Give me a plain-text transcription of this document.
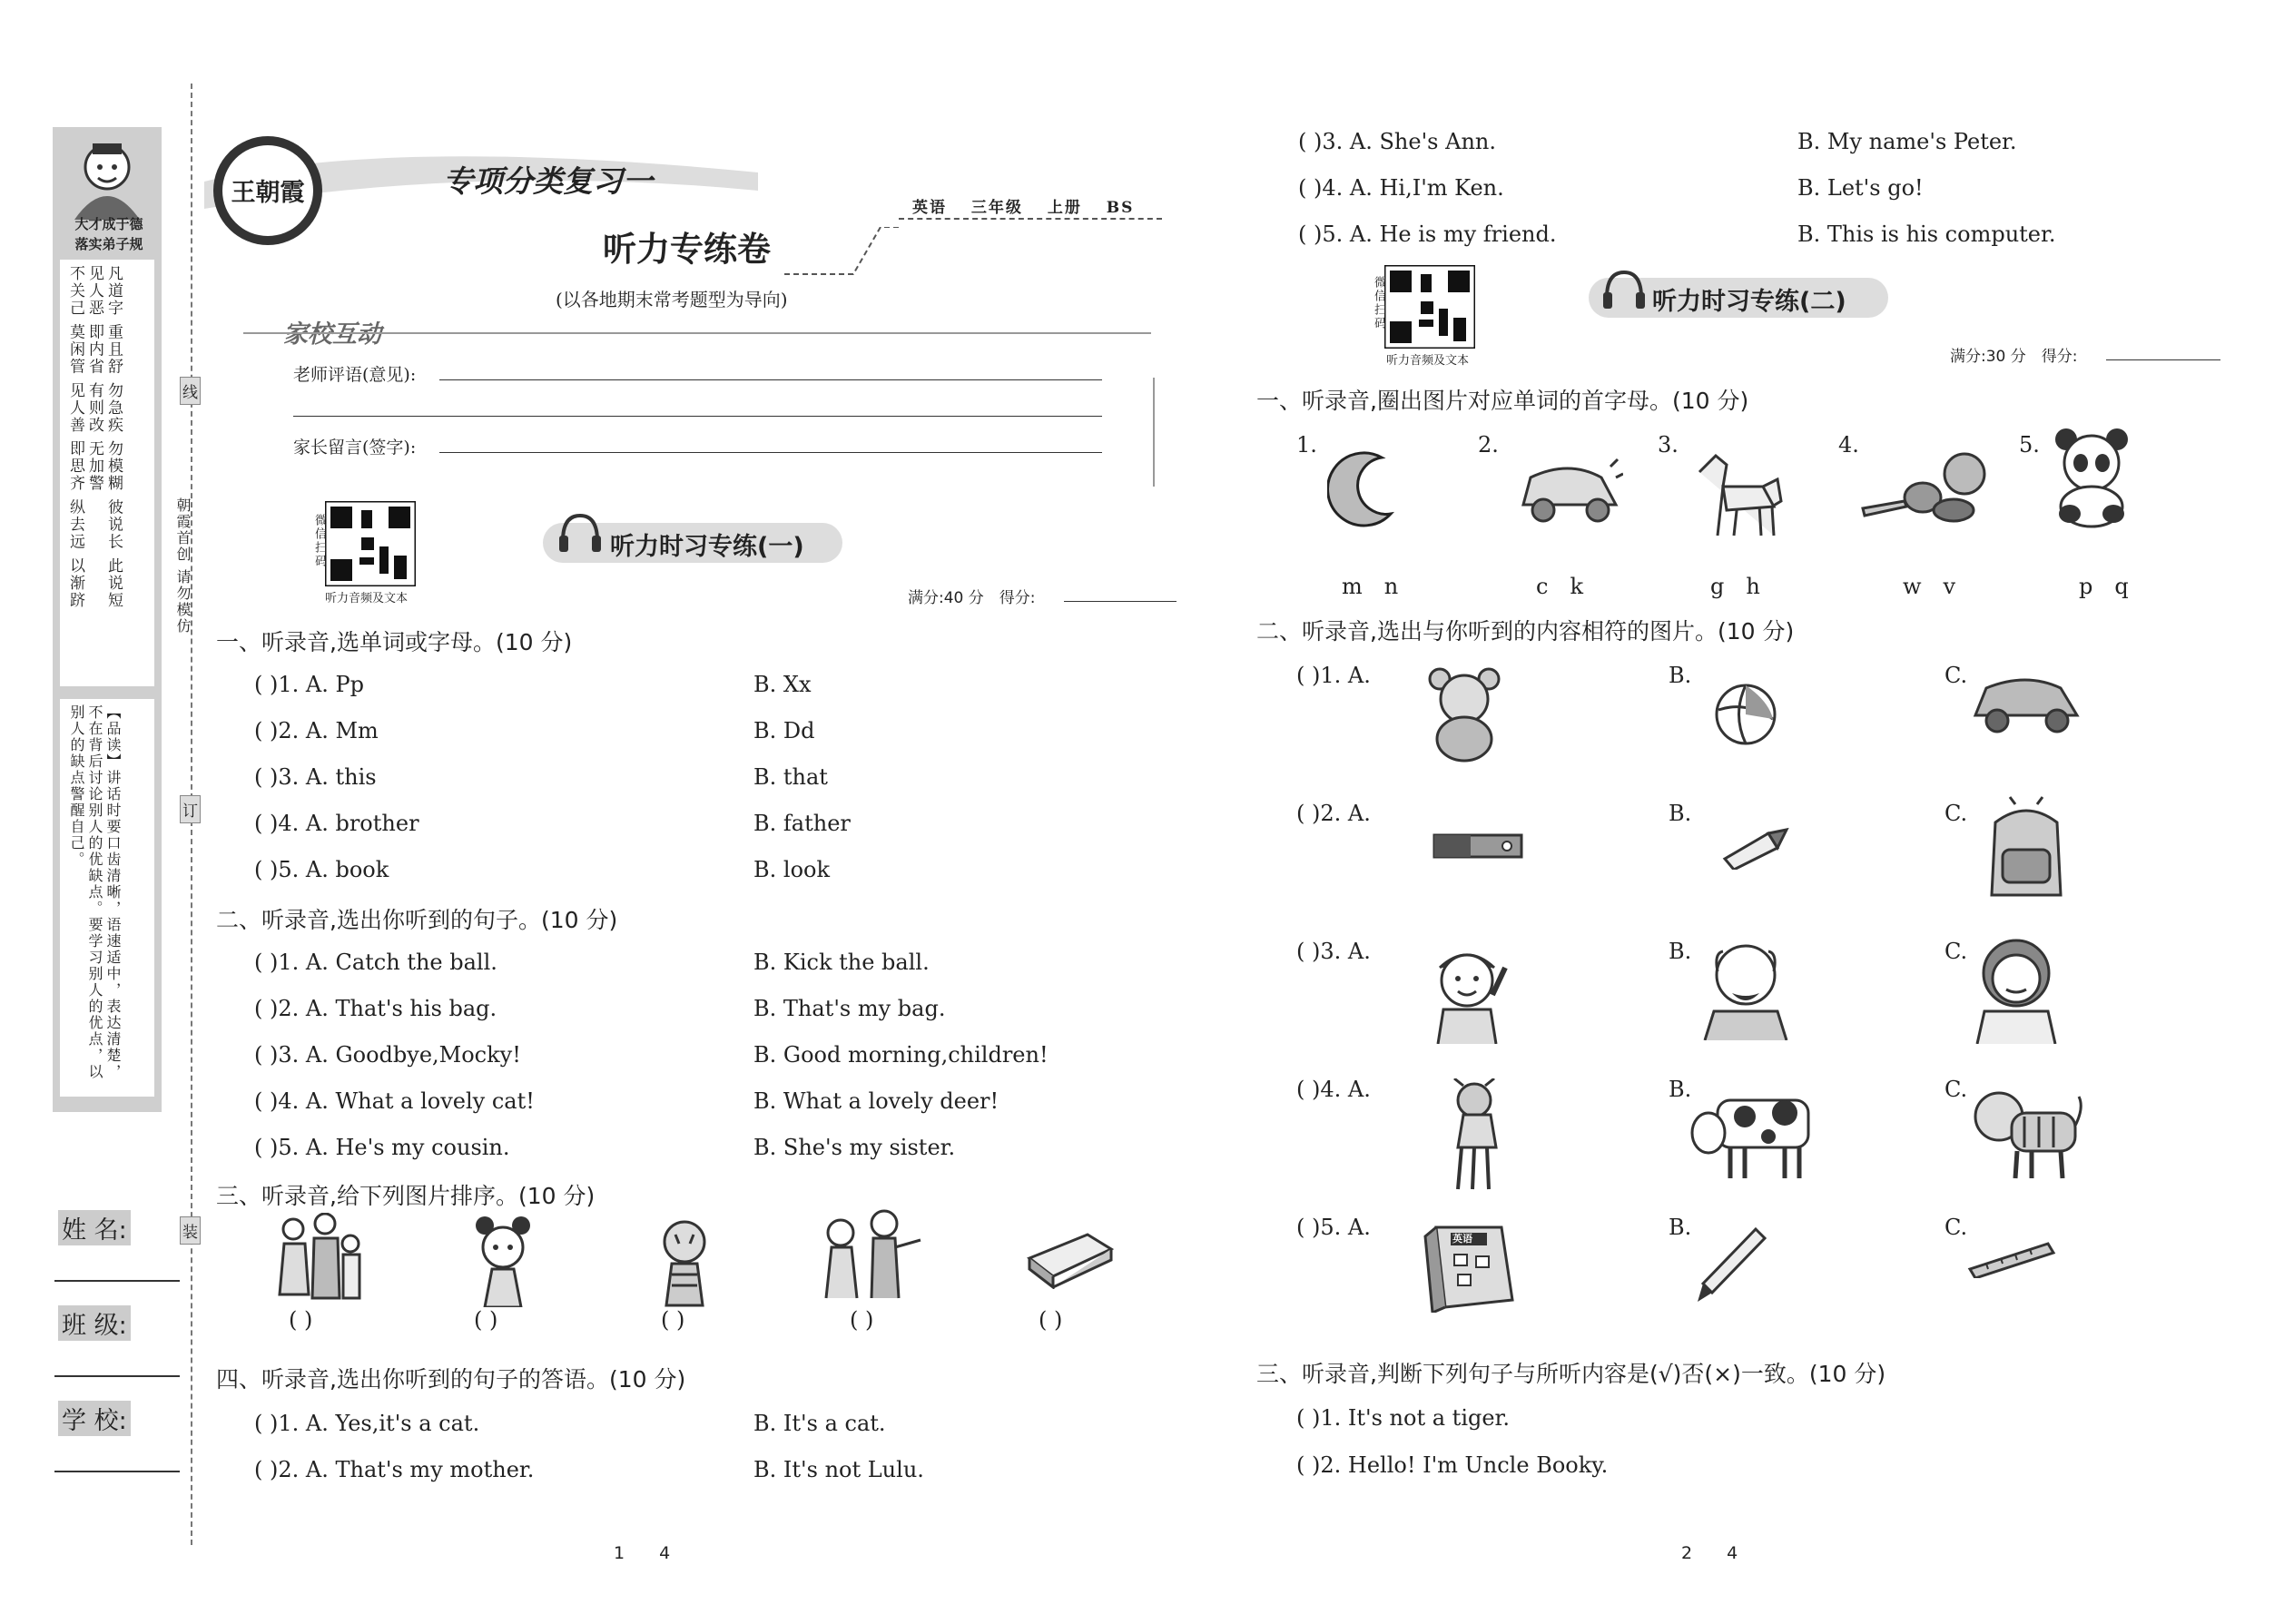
大才成于德
落实弟子规
凡道字 重且舒 勿急疾 勿模糊 彼说长 此说短
见人恶 即内省 有则改 无加警
不关己 莫闲管 见人善 即思齐 纵去远 以渐跻
【品读】讲话时要口齿清晰，语速适中，表达清楚，不在背后讨论别人的优缺点。要学习别人的优点，以别人的缺点警醒自己。
姓 名:
班 级:
学 校:
线
订
装
朝霞首创 请勿模仿
王朝霞	专项分类复习一
英语　 三年级　 上册　 BS
听力专练卷
(以各地期末常考题型为导向)
家校互动
老师评语(意见):
家长留言(签字):
微信扫码
听力音频及文本
听力时习专练(一)
满分:40 分　得分:
一、听录音,选单词或字母。(10 分)
( )1. A. Pp	B. Xx
( )2. A. Mm	B. Dd
( )3. A. this	B. that
( )4. A. brother	B. father
( )5. A. book	B. look
二、听录音,选出你听到的句子。(10 分)
( )1. A. Catch the ball.	B. Kick the ball.
( )2. A. That's his bag.	B. That's my bag.
( )3. A. Goodbye,Mocky!	B. Good morning,children!
( )4. A. What a lovely cat!	B. What a lovely deer!
( )5. A. He's my cousin.	B. She's my sister.
三、听录音,给下列图片排序。(10 分)
( )	( )	( )	( )	( )
四、听录音,选出你听到的句子的答语。(10 分)
( )1. A. Yes,it's a cat.	B. It's a cat.
( )2. A. That's my mother.	B. It's not Lulu.
1　　4
( )3. A. She's Ann.	B. My name's Peter.
( )4. A. Hi,I'm Ken.	B. Let's go!
( )5. A. He is my friend.	B. This is his computer.
微信扫码
听力音频及文本
听力时习专练(二)
满分:30 分　得分:
一、听录音,圈出图片对应单词的首字母。(10 分)
1.	2.	3.	4.	5.
m　n	c　k	g　h	w　v	p　q
二、听录音,选出与你听到的内容相符的图片。(10 分)
( )1. A.	B.	C.
( )2. A.	B.	C.
( )3. A.	B.	C.
( )4. A.	B.	C.
( )5. A.	B.	C.
英语
三、听录音,判断下列句子与所听内容是(√)否(×)一致。(10 分)
( )1. It's not a tiger.
( )2. Hello! I'm Uncle Booky.
2　　4
